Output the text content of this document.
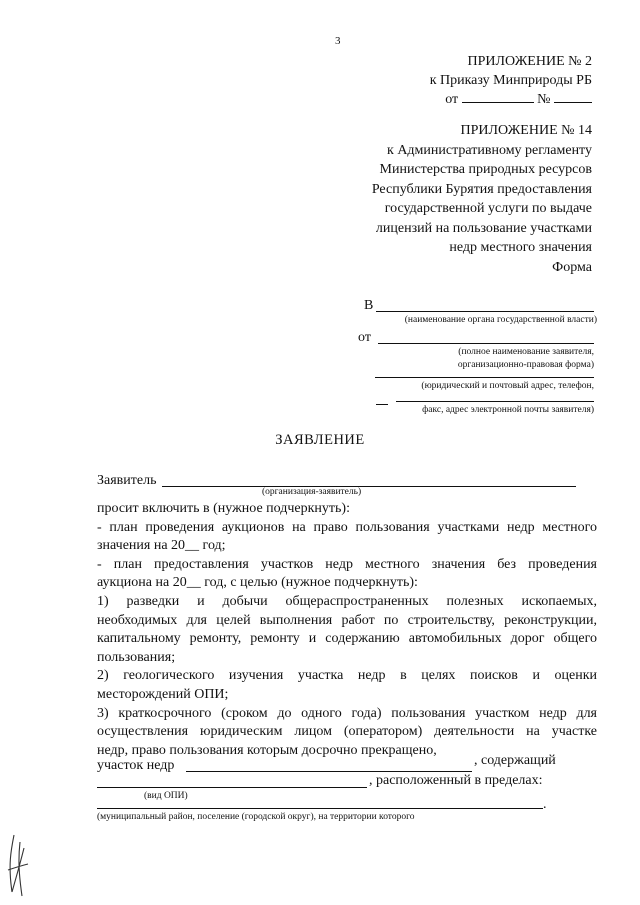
3
ПРИЛОЖЕНИЕ № 2
к Приказу Минприроды РБ
от	№
ПРИЛОЖЕНИЕ № 14
к Административному регламенту
Министерства природных ресурсов
Республики Бурятия предоставления
государственной услуги по выдаче
лицензий на пользование участками
недр местного значения
Форма
В
(наименование органа государственной власти)
от
(полное наименование заявителя,
организационно-правовая форма)
(юридический и почтовый адрес, телефон,
факс, адрес электронной почты заявителя)
ЗАЯВЛЕНИЕ
Заявитель
(организация-заявитель)
просит включить в (нужное подчеркнуть):
- план проведения аукционов на право пользования участками недр местного
значения на 20__ год;
- план предоставления участков недр местного значения без проведения
аукциона на 20__ год, с целью (нужное подчеркнуть):
1) разведки и добычи общераспространенных полезных ископаемых,
необходимых для целей выполнения работ по строительству, реконструкции,
капитальному ремонту, ремонту и содержанию автомобильных дорог общего
пользования;
2) геологического изучения участка недр в целях поисков и оценки
месторождений ОПИ;
3) краткосрочного (сроком до одного года) пользования участком недр для
осуществления юридическим лицом (оператором) деятельности на участке
недр, право пользования которым досрочно прекращено,
участок недр	, содержащий
, расположенный в пределах:
.
(вид ОПИ)
(муниципальный район, поселение (городской округ), на территории которого
